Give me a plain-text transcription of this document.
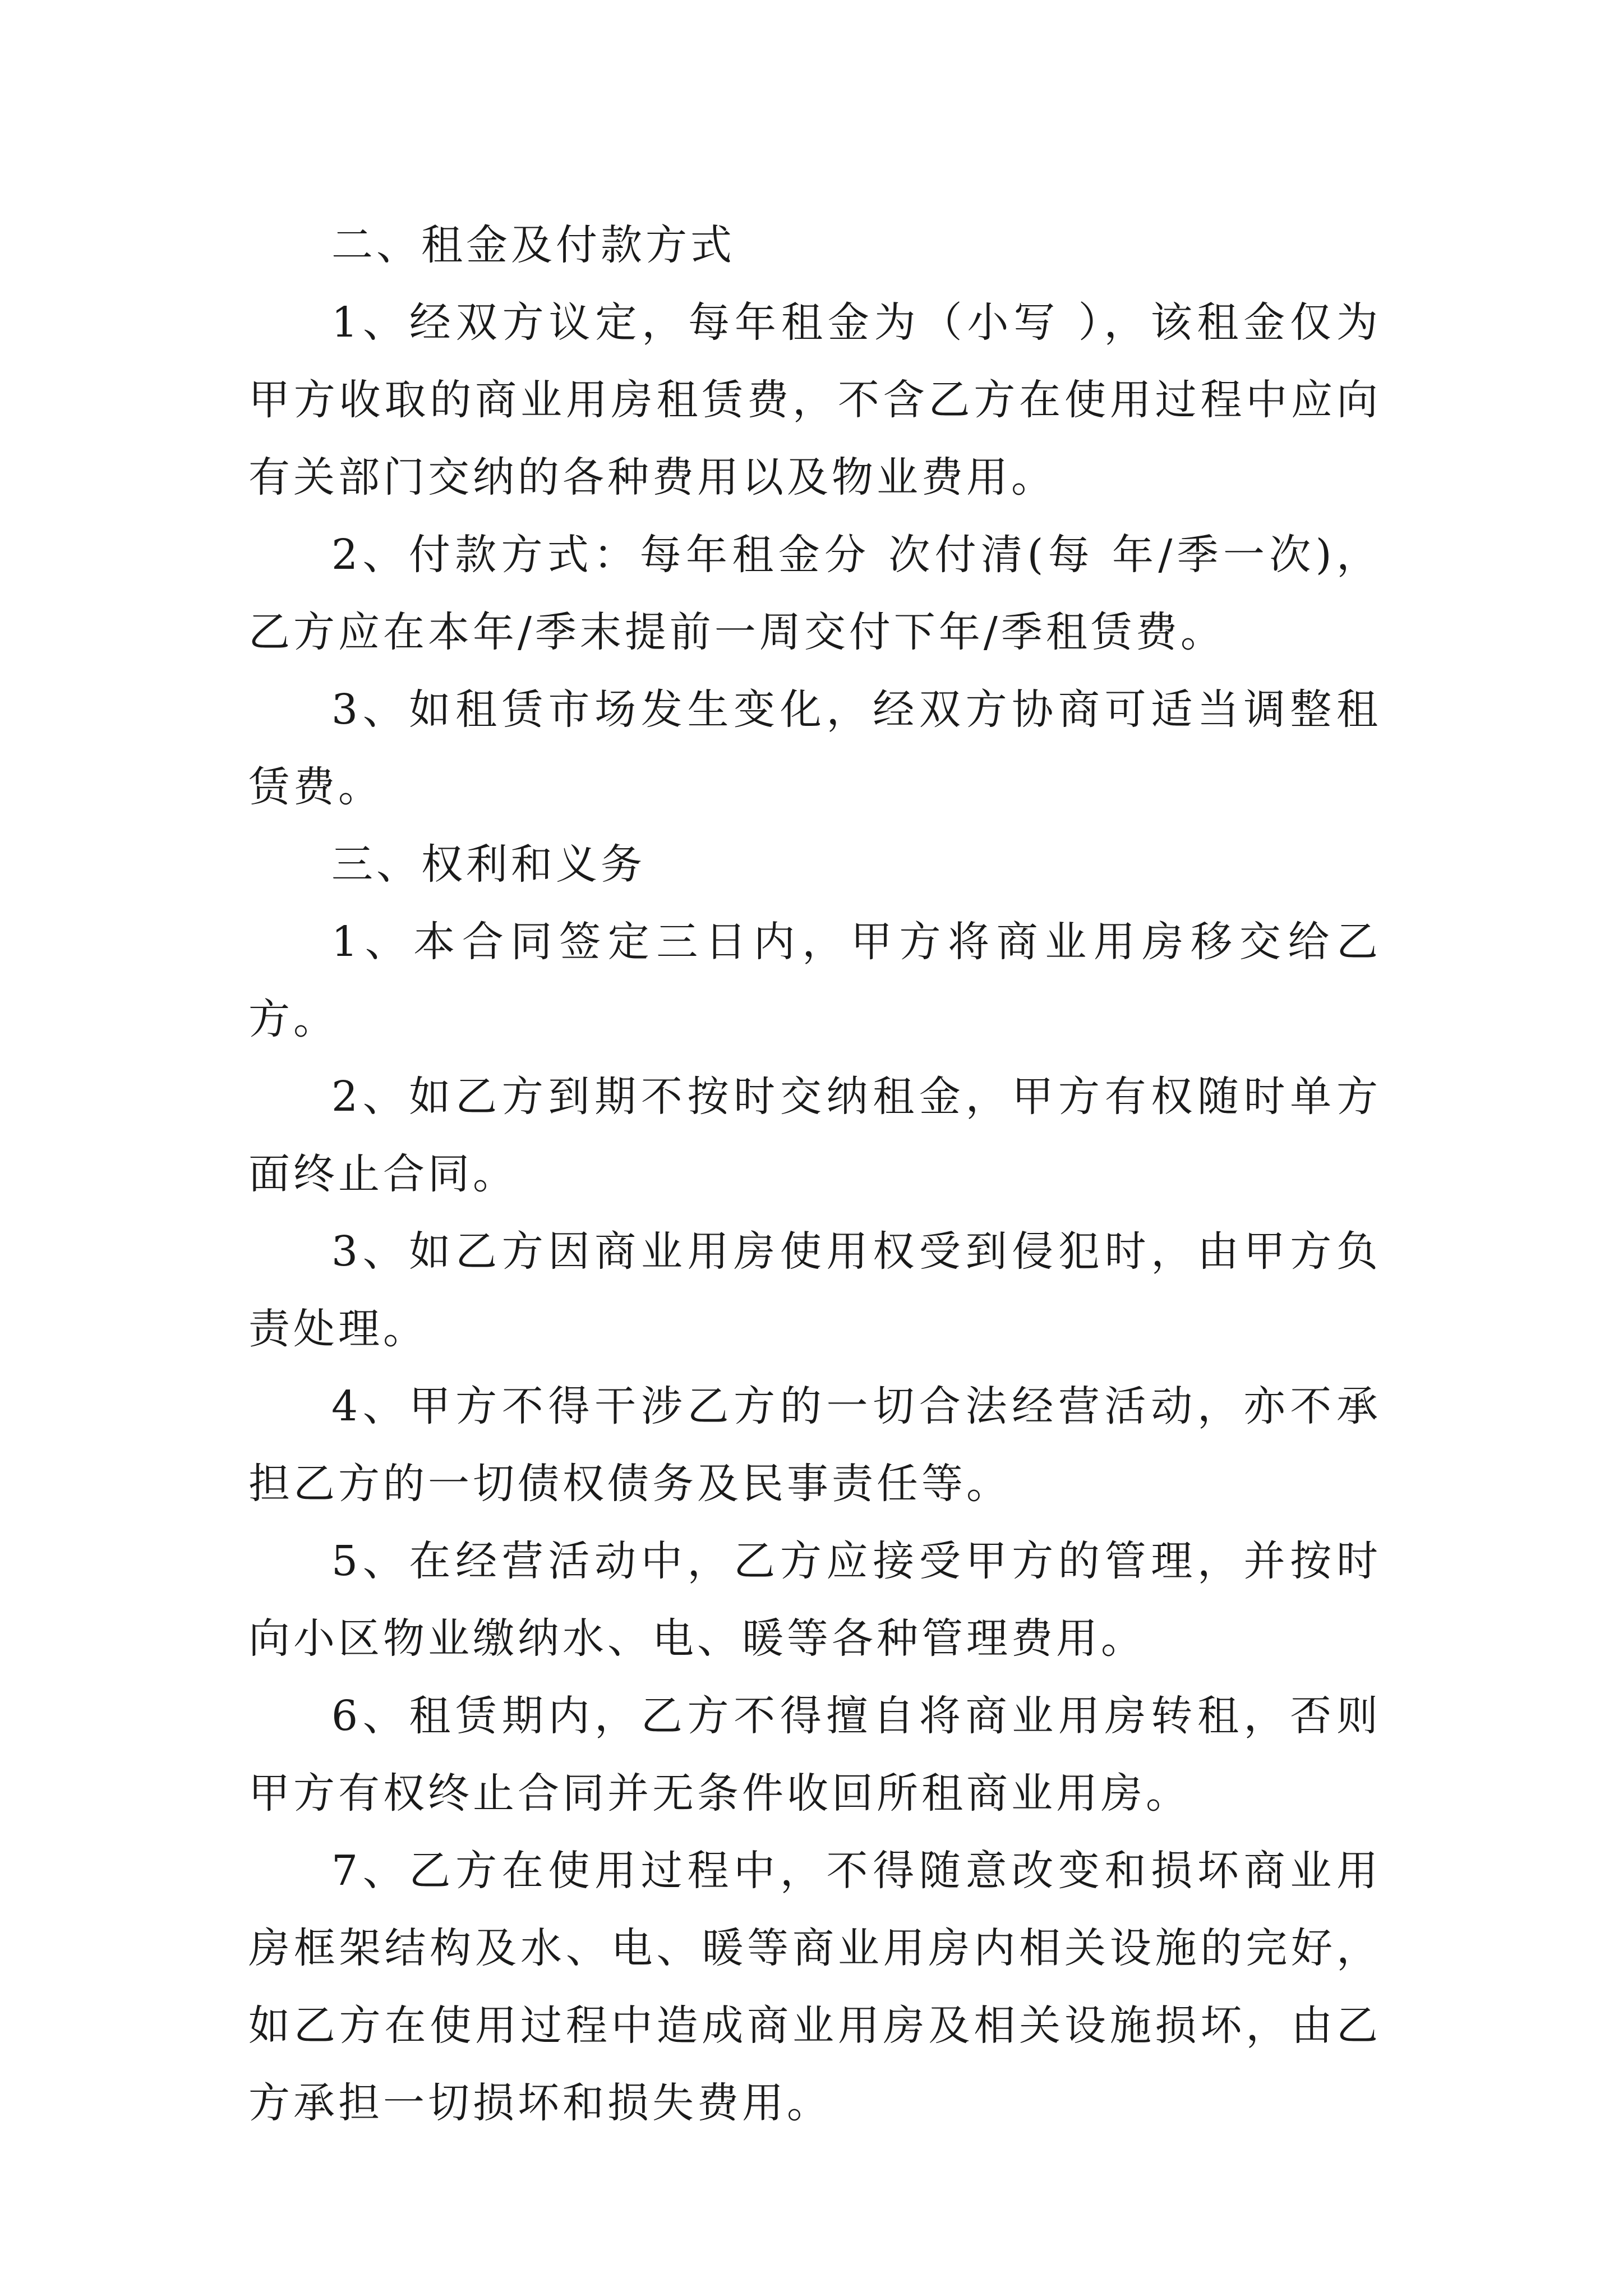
二、租金及付款方式

1、经双方议定，每年租金为（小写 ），该租金仅为甲方收取的商业用房租赁费，不含乙方在使用过程中应向有关部门交纳的各种费用以及物业费用。

2、付款方式：每年租金分 次付清(每 年/季一次)，乙方应在本年/季末提前一周交付下年/季租赁费。

3、如租赁市场发生变化，经双方协商可适当调整租赁费。

三、权利和义务

1、本合同签定三日内，甲方将商业用房移交给乙方。

2、如乙方到期不按时交纳租金，甲方有权随时单方面终止合同。

3、如乙方因商业用房使用权受到侵犯时，由甲方负责处理。

4、甲方不得干涉乙方的一切合法经营活动，亦不承担乙方的一切债权债务及民事责任等。

5、在经营活动中，乙方应接受甲方的管理，并按时向小区物业缴纳水、电、暖等各种管理费用。

6、租赁期内，乙方不得擅自将商业用房转租，否则甲方有权终止合同并无条件收回所租商业用房。

7、乙方在使用过程中，不得随意改变和损坏商业用房框架结构及水、电、暖等商业用房内相关设施的完好，如乙方在使用过程中造成商业用房及相关设施损坏，由乙方承担一切损坏和损失费用。
